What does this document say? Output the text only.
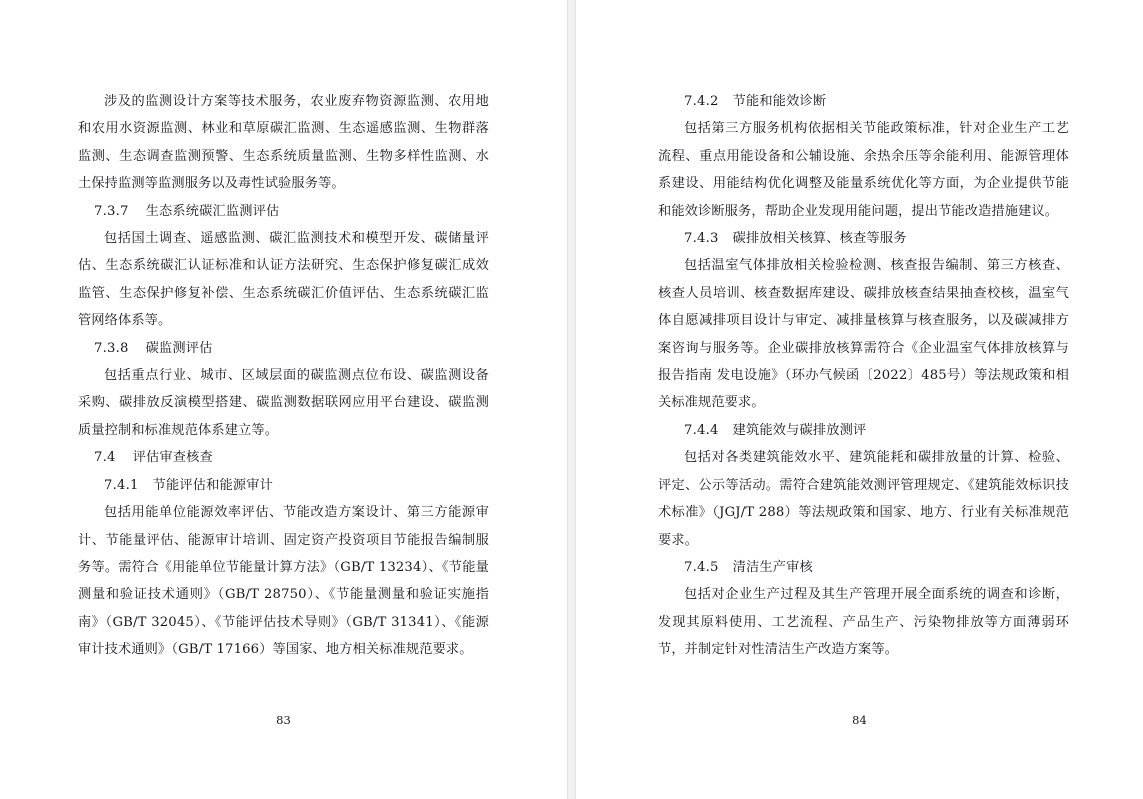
涉及的监测设计方案等技术服务，农业废弃物资源监测、农用地和农用水资源监测、林业和草原碳汇监测、生态遥感监测、生物群落监测、生态调查监测预警、生态系统质量监测、生物多样性监测、水土保持监测等监测服务以及毒性试验服务等。

7.3.7 生态系统碳汇监测评估

包括国土调查、遥感监测、碳汇监测技术和模型开发、碳储量评估、生态系统碳汇认证标准和认证方法研究、生态保护修复碳汇成效监管、生态保护修复补偿、生态系统碳汇价值评估、生态系统碳汇监管网络体系等。

7.3.8 碳监测评估

包括重点行业、城市、区域层面的碳监测点位布设、碳监测设备采购、碳排放反演模型搭建、碳监测数据联网应用平台建设、碳监测质量控制和标准规范体系建立等。

7.4 评估审查核查

7.4.1 节能评估和能源审计

包括用能单位能源效率评估、节能改造方案设计、第三方能源审计、节能量评估、能源审计培训、固定资产投资项目节能报告编制服务等。需符合《用能单位节能量计算方法》（GB/T 13234）、《节能量测量和验证技术通则》（GB/T 28750）、《节能量测量和验证实施指南》（GB/T 32045）、《节能评估技术导则》（GB/T 31341）、《能源审计技术通则》（GB/T 17166）等国家、地方相关标准规范要求。

83

7.4.2 节能和能效诊断

包括第三方服务机构依据相关节能政策标准，针对企业生产工艺流程、重点用能设备和公辅设施、余热余压等余能利用、能源管理体系建设、用能结构优化调整及能量系统优化等方面，为企业提供节能和能效诊断服务，帮助企业发现用能问题，提出节能改造措施建议。

7.4.3 碳排放相关核算、核查等服务

包括温室气体排放相关检验检测、核查报告编制、第三方核查、核查人员培训、核查数据库建设、碳排放核查结果抽查校核，温室气体自愿减排项目设计与审定、减排量核算与核查服务，以及碳减排方案咨询与服务等。企业碳排放核算需符合《企业温室气体排放核算与报告指南 发电设施》（环办气候函〔2022〕485号）等法规政策和相关标准规范要求。

7.4.4 建筑能效与碳排放测评

包括对各类建筑能效水平、建筑能耗和碳排放量的计算、检验、评定、公示等活动。需符合建筑能效测评管理规定、《建筑能效标识技术标准》（JGJ/T 288）等法规政策和国家、地方、行业有关标准规范要求。

7.4.5 清洁生产审核

包括对企业生产过程及其生产管理开展全面系统的调查和诊断，发现其原料使用、工艺流程、产品生产、污染物排放等方面薄弱环节，并制定针对性清洁生产改造方案等。

84
